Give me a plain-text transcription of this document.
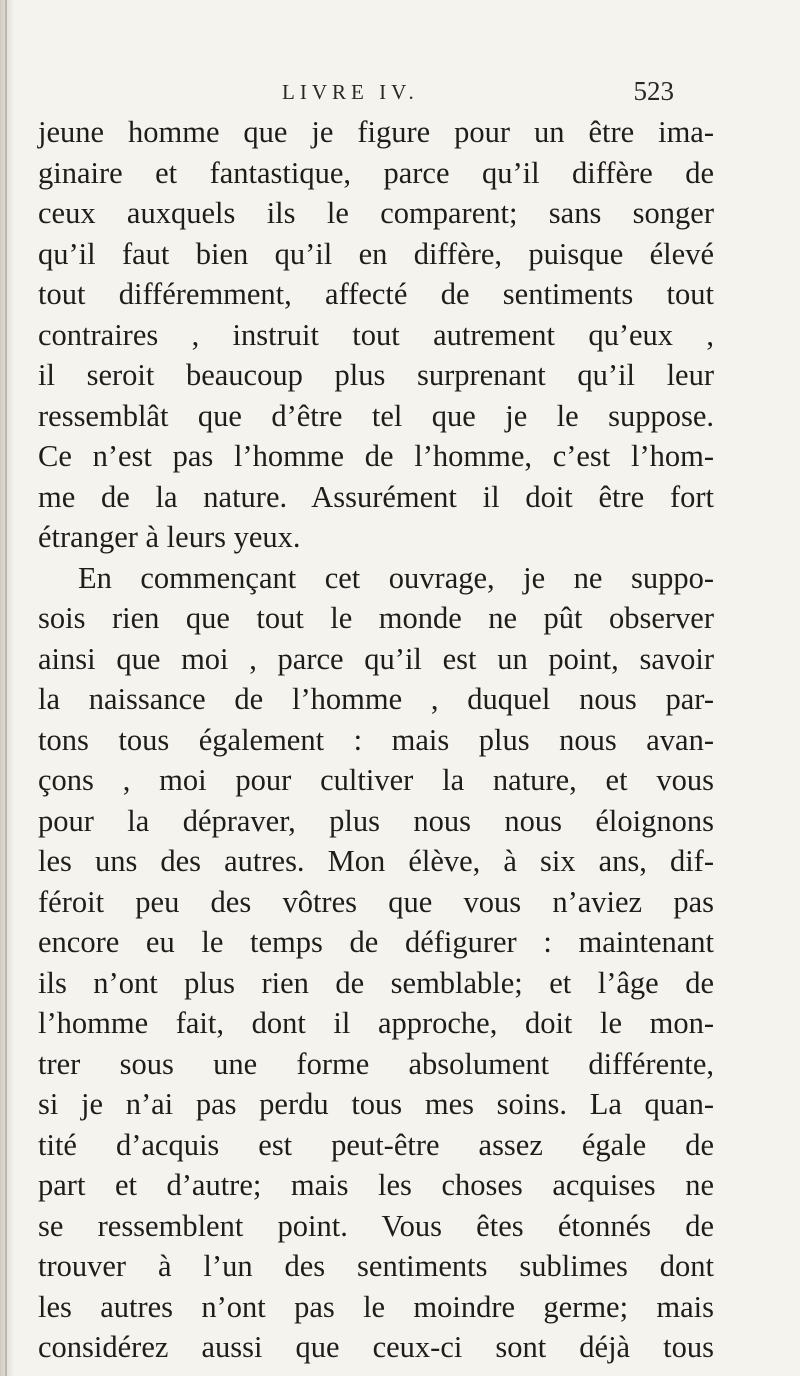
LIVRE IV.	523
jeune homme que je figure pour un être ima-
ginaire et fantastique, parce qu’il diffère de
ceux auxquels ils le comparent; sans songer
qu’il faut bien qu’il en diffère, puisque élevé
tout différemment, affecté de sentiments tout
contraires , instruit tout autrement qu’eux ,
il seroit beaucoup plus surprenant qu’il leur
ressemblât que d’être tel que je le suppose.
Ce n’est pas l’homme de l’homme, c’est l’hom-
me de la nature. Assurément il doit être fort
étranger à leurs yeux.
En commençant cet ouvrage, je ne suppo-
sois rien que tout le monde ne pût observer
ainsi que moi , parce qu’il est un point, savoir
la naissance de l’homme , duquel nous par-
tons tous également : mais plus nous avan-
çons , moi pour cultiver la nature, et vous
pour la dépraver, plus nous nous éloignons
les uns des autres. Mon élève, à six ans, dif-
féroit peu des vôtres que vous n’aviez pas
encore eu le temps de défigurer : maintenant
ils n’ont plus rien de semblable; et l’âge de
l’homme fait, dont il approche, doit le mon-
trer sous une forme absolument différente,
si je n’ai pas perdu tous mes soins. La quan-
tité d’acquis est peut-être assez égale de
part et d’autre; mais les choses acquises ne
se ressemblent point. Vous êtes étonnés de
trouver à l’un des sentiments sublimes dont
les autres n’ont pas le moindre germe; mais
considérez aussi que ceux-ci sont déjà tous
